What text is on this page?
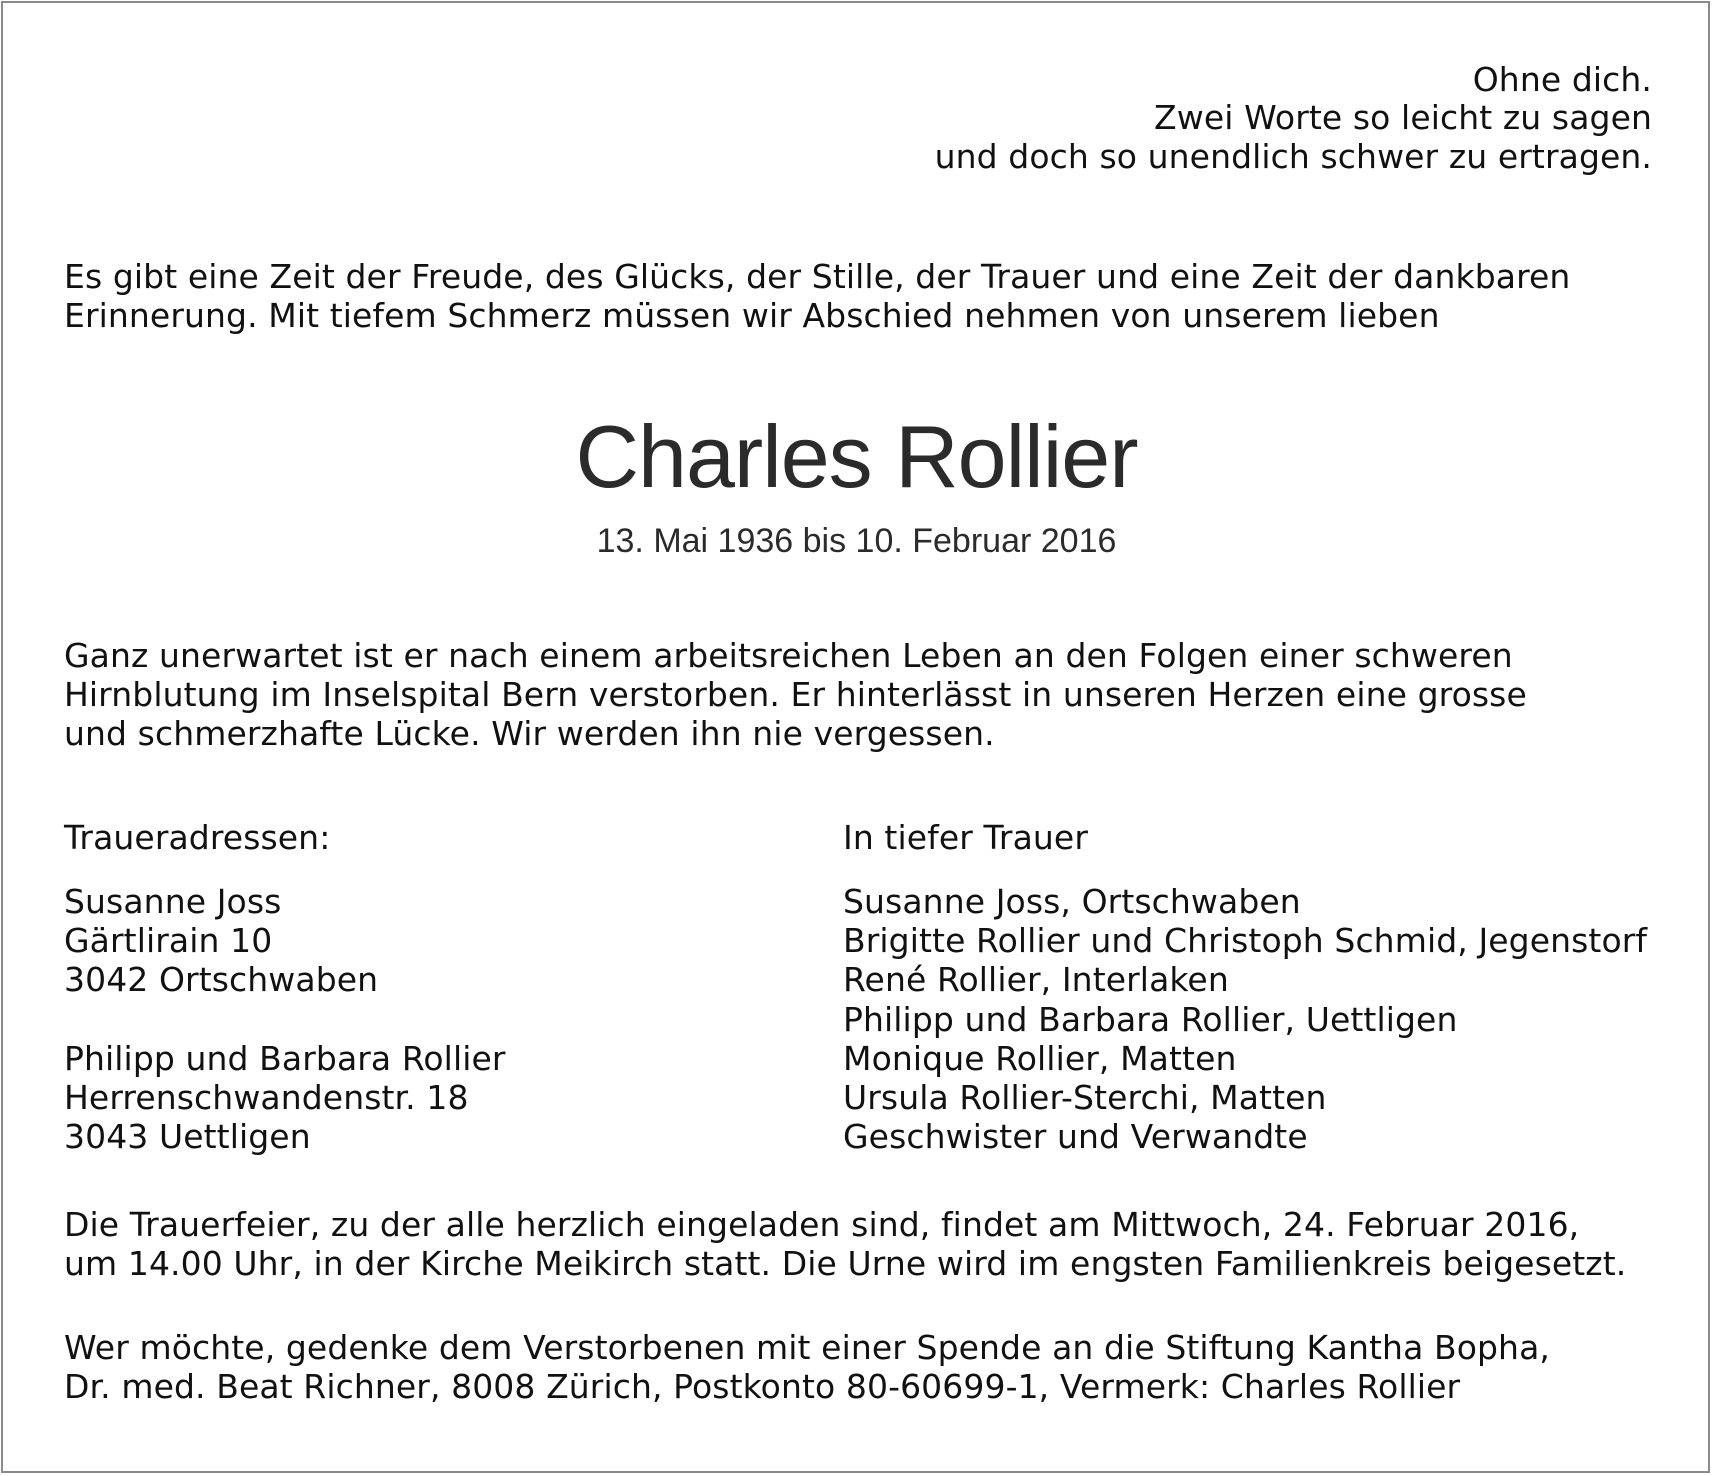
Ohne dich.
Zwei Worte so leicht zu sagen
und doch so unendlich schwer zu ertragen.
Es gibt eine Zeit der Freude, des Glücks, der Stille, der Trauer und eine Zeit der dankbaren
Erinnerung. Mit tiefem Schmerz müssen wir Abschied nehmen von unserem lieben
Charles Rollier
13. Mai 1936 bis 10. Februar 2016
Ganz unerwartet ist er nach einem arbeitsreichen Leben an den Folgen einer schweren
Hirnblutung im Inselspital Bern verstorben. Er hinterlässt in unseren Herzen eine grosse
und schmerzhafte Lücke. Wir werden ihn nie vergessen.
Traueradressen:
Susanne Joss
Gärtlirain 10
3042 Ortschwaben
Philipp und Barbara Rollier
Herrenschwandenstr. 18
3043 Uettligen
In tiefer Trauer
Susanne Joss, Ortschwaben
Brigitte Rollier und Christoph Schmid, Jegenstorf
René Rollier, Interlaken
Philipp und Barbara Rollier, Uettligen
Monique Rollier, Matten
Ursula Rollier-Sterchi, Matten
Geschwister und Verwandte
Die Trauerfeier, zu der alle herzlich eingeladen sind, findet am Mittwoch, 24. Februar 2016,
um 14.00 Uhr, in der Kirche Meikirch statt. Die Urne wird im engsten Familienkreis beigesetzt.
Wer möchte, gedenke dem Verstorbenen mit einer Spende an die Stiftung Kantha Bopha,
Dr. med. Beat Richner, 8008 Zürich, Postkonto 80-60699-1, Vermerk: Charles Rollier
